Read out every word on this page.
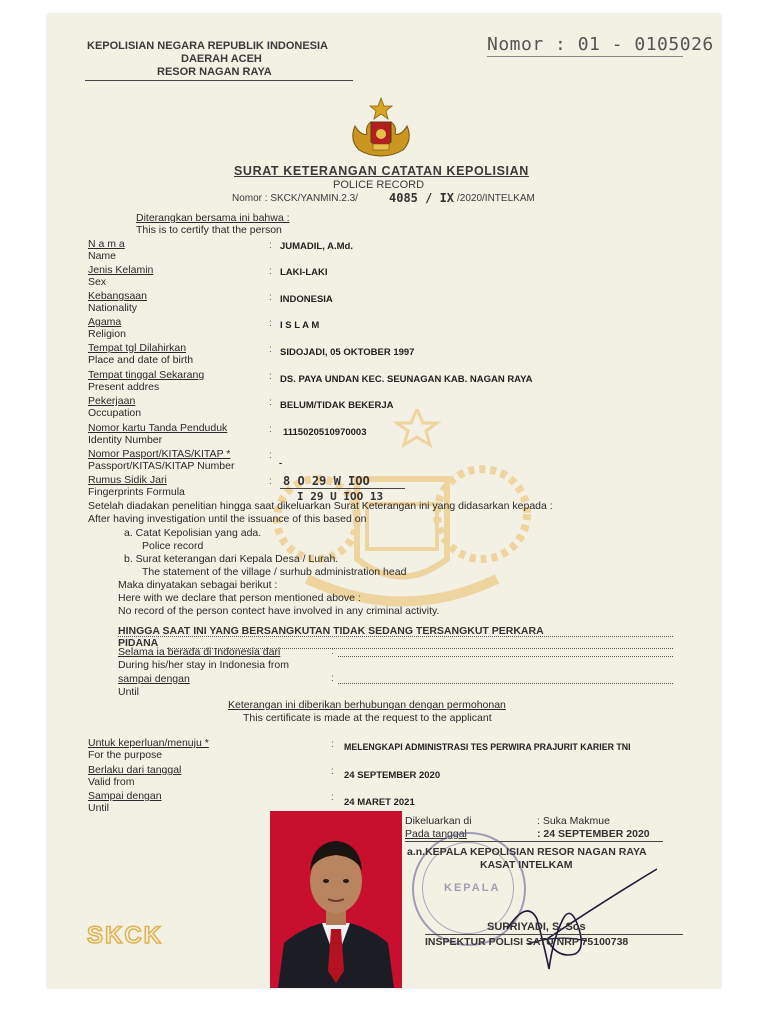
KEPOLISIAN NEGARA REPUBLIK INDONESIA
DAERAH ACEH
RESOR NAGAN RAYA
Nomor : 01 - 0105026
SURAT KETERANGAN CATATAN KEPOLISIAN
POLICE RECORD
Nomor : SKCK/YANMIN.2.3/	4085 / IX /2020/INTELKAM
Diterangkan bersama ini bahwa :
This is to certify that the person
N a m a
Name
: JUMADIL, A.Md.
Jenis Kelamin
Sex
: LAKI-LAKI
Kebangsaan
Nationality
: INDONESIA
Agama
Religion
: I S L A M
Tempat tgl Dilahirkan
Place and date of birth
: SIDOJADI, 05 OKTOBER 1997
Tempat tinggal Sekarang
Present addres
: DS. PAYA UNDAN KEC. SEUNAGAN KAB. NAGAN RAYA
Pekerjaan
Occupation
: BELUM/TIDAK BEKERJA
Nomor kartu Tanda Penduduk
Identity Number
: 1115020510970003
Nomor Pasport/KITAS/KITAP *
Passport/KITAS/KITAP Number
:
-
Rumus Sidik Jari
Fingerprints Formula
: 8 O 29 W IOO
I 29 U IOO 13
Setelah diadakan penelitian hingga saat dikeluarkan Surat Keterangan ini yang didasarkan kepada :
After having investigation until the issuance of this based on
a. Catat Kepolisian yang ada.
Police record
b. Surat keterangan dari Kepala Desa / Lurah.
The statement of the village / surhub administration head
Maka dinyatakan sebagai berikut :
Here with we declare that person mentioned above :
No record of the person contect have involved in any criminal activity.
HINGGA SAAT INI YANG BERSANGKUTAN TIDAK SEDANG TERSANGKUT PERKARA
PIDANA
Selama ia berada di Indonesia dari	:
During his/her stay in Indonesia from
sampai dengan	:
Until
Keterangan ini diberikan berhubungan dengan permohonan
This certificate is made at the request to the applicant
Untuk keperluan/menuju *
For the purpose
: MELENGKAPI ADMINISTRASI TES PERWIRA PRAJURIT KARIER TNI
Berlaku dari tanggal
Valid from
: 24 SEPTEMBER 2020
Sampai dengan
Until
: 24 MARET 2021
Dikeluarkan di	: Suka Makmue
Pada tanggal	: 24 SEPTEMBER 2020
KEPALA
a.n.KEPALA KEPOLISIAN RESOR NAGAN RAYA
KASAT INTELKAM
SUPRIYADI, S. Sos
INSPEKTUR POLISI SATU NRP 75100738
SKCK
